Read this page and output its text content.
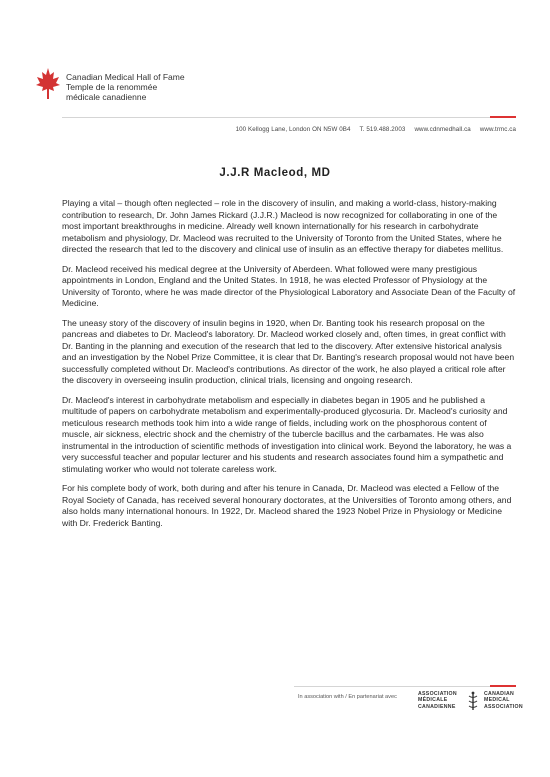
Canadian Medical Hall of Fame
Temple de la renommée
médicale canadienne
100 Kellogg Lane, London ON N5W 0B4 T. 519.488.2003 www.cdnmedhall.ca www.trmc.ca
J.J.R Macleod, MD

Playing a vital – though often neglected – role in the discovery of insulin, and making a world-class, history-making contribution to research, Dr. John James Rickard (J.J.R.) Macleod is now recognized for collaborating in one of the most important breakthroughs in medicine. Already well known internationally for his research in carbohydrate metabolism and physiology, Dr. Macleod was recruited to the University of Toronto from the United States, where he directed the research that led to the discovery and clinical use of insulin as an effective therapy for diabetes mellitus.

Dr. Macleod received his medical degree at the University of Aberdeen. What followed were many prestigious appointments in London, England and the United States. In 1918, he was elected Professor of Physiology at the University of Toronto, where he was made director of the Physiological Laboratory and Associate Dean of the Faculty of Medicine.

The uneasy story of the discovery of insulin begins in 1920, when Dr. Banting took his research proposal on the pancreas and diabetes to Dr. Macleod's laboratory. Dr. Macleod worked closely and, often times, in great conflict with Dr. Banting in the planning and execution of the research that led to the discovery. After extensive historical analysis and an investigation by the Nobel Prize Committee, it is clear that Dr. Banting's research proposal would not have been successfully completed without Dr. Macleod's contributions. As director of the work, he also played a critical role after the discovery in overseeing insulin production, clinical trials, licensing and ongoing research.

Dr. Macleod's interest in carbohydrate metabolism and especially in diabetes began in 1905 and he published a multitude of papers on carbohydrate metabolism and experimentally-produced glycosuria. Dr. Macleod's curiosity and meticulous research methods took him into a wide range of fields, including work on the phosphorous content of muscle, air sickness, electric shock and the chemistry of the tubercle bacillus and the carbamates. He was also instrumental in the introduction of scientific methods of investigation into clinical work. Beyond the laboratory, he was a very successful teacher and popular lecturer and his students and research associates found him a sympathetic and stimulating worker who would not tolerate careless work.

For his complete body of work, both during and after his tenure in Canada, Dr. Macleod was elected a Fellow of the Royal Society of Canada, has received several honourary doctorates, at the Universities of Toronto among others, and also holds many international honours. In 1922, Dr. Macleod shared the 1923 Nobel Prize in Physiology or Medicine with Dr. Frederick Banting.

In association with / En partenariat avec	ASSOCIATION
MÉDICALE
CANADIENNE
CANADIAN
MEDICAL
ASSOCIATION
